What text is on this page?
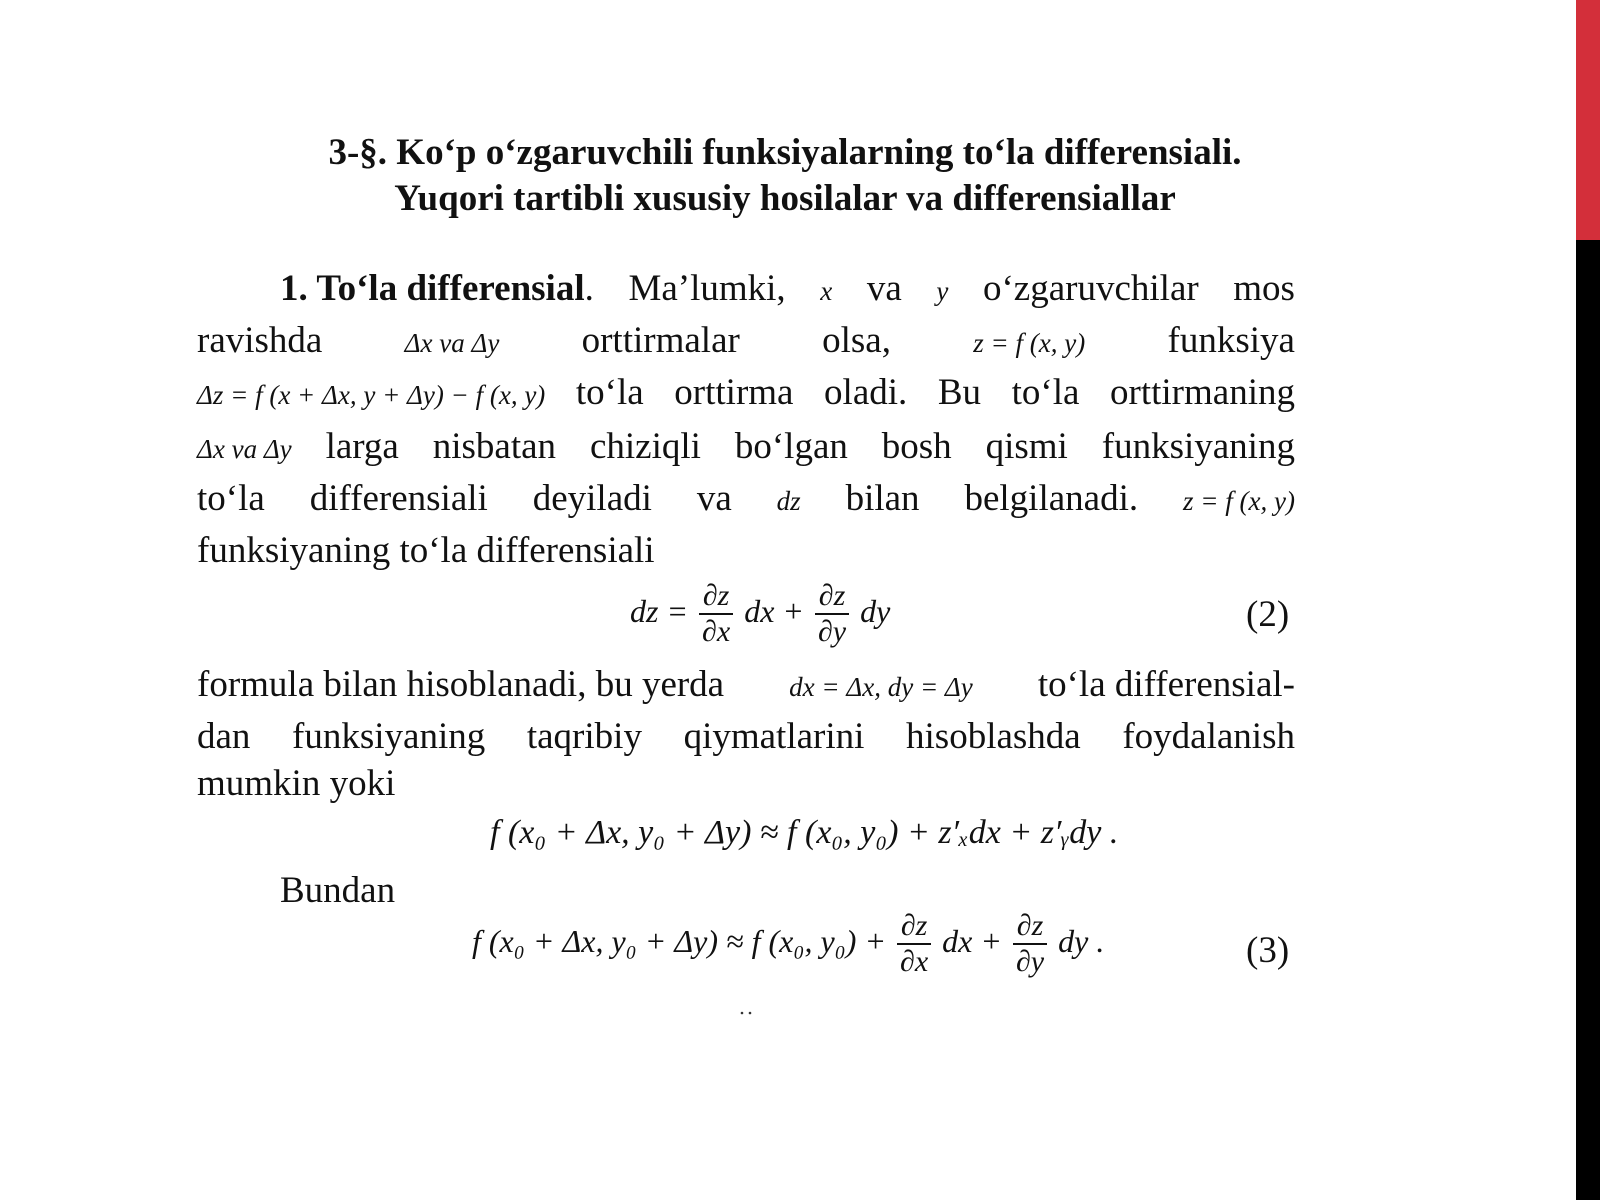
3-§. Ko‘p o‘zgaruvchili funksiyalarning to‘la differensiali.
Yuqori tartibli xususiy hosilalar va differensiallar
1. To‘la differensial. Ma’lumki, x va y o‘zgaruvchilar mos
ravishda	Δx va Δy orttirmalar olsa,	z = f (x, y) funksiya
Δz = f (x + Δx, y + Δy) − f (x, y) to‘la orttirma oladi. Bu to‘la orttirmaning
Δx va Δy larga nisbatan chiziqli bo‘lgan bosh qismi funksiyaning
to‘la differensiali deyiladi va dz bilan belgilanadi. z = f (x, y)
funksiyaning to‘la differensiali
dz = $\frac{\partial z}{\partial x}$ dx + $\frac{\partial z}{\partial y}$ dy	(2)
formula bilan hisoblanadi, bu yerda dx = Δx, dy = Δy to‘la differensial-
dan funksiyaning taqribiy qiymatlarini hisoblashda foydalanish
mumkin yoki
f (x₀ + Δx, y₀ + Δy) ≈ f (x₀, y₀) + z′ₓdx + z′ᵧdy .
Bundan
f (x₀ + Δx, y₀ + Δy) ≈ f (x₀, $y_0) + \frac{\partial z}{\partial x}$ dx + $\frac{\partial z}{\partial y}$ dy .	(3)
